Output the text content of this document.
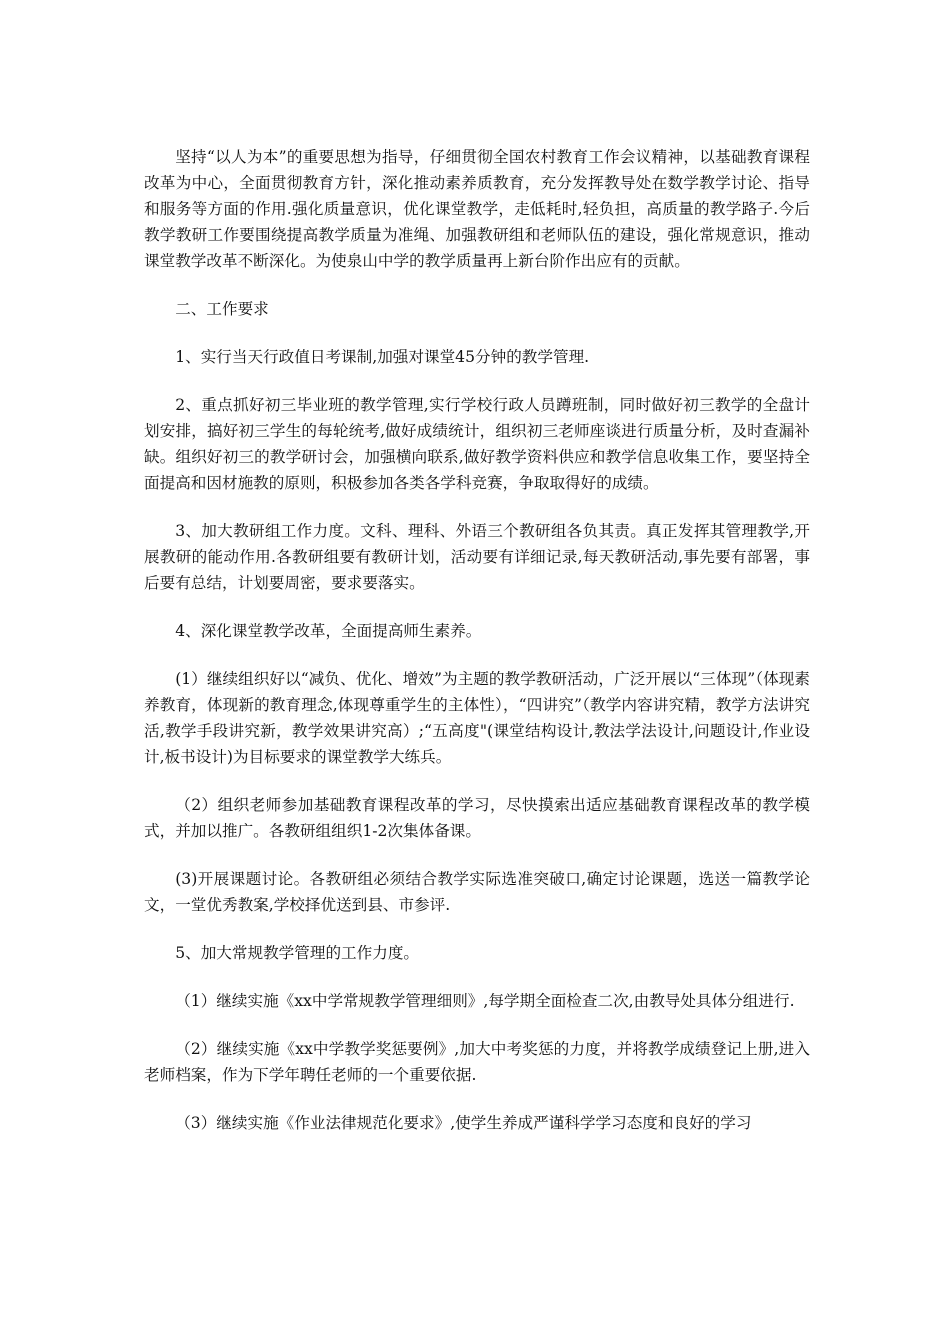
坚持“以人为本”的重要思想为指导，仔细贯彻全国农村教育工作会议精神，以基础教育课程改革为中心，全面贯彻教育方针，深化推动素养质教育，充分发挥教导处在数学教学讨论、指导和服务等方面的作用.强化质量意识，优化课堂教学，走低耗时,轻负担，高质量的教学路子.今后教学教研工作要围绕提高教学质量为准绳、加强教研组和老师队伍的建设，强化常规意识，推动课堂教学改革不断深化。为使泉山中学的教学质量再上新台阶作出应有的贡献。

二、工作要求

1、实行当天行政值日考课制,加强对课堂45分钟的教学管理.

2、重点抓好初三毕业班的教学管理,实行学校行政人员蹲班制，同时做好初三教学的全盘计划安排，搞好初三学生的每轮统考,做好成绩统计，组织初三老师座谈进行质量分析，及时查漏补缺。组织好初三的教学研讨会，加强横向联系,做好教学资料供应和教学信息收集工作，要坚持全面提高和因材施教的原则，积极参加各类各学科竞赛，争取取得好的成绩。

3、加大教研组工作力度。文科、理科、外语三个教研组各负其责。真正发挥其管理教学,开展教研的能动作用.各教研组要有教研计划，活动要有详细记录,每天教研活动,事先要有部署，事后要有总结，计划要周密，要求要落实。

4、深化课堂教学改革，全面提高师生素养。

(1）继续组织好以“减负、优化、增效”为主题的教学教研活动，广泛开展以“三体现”（体现素养教育，体现新的教育理念,体现尊重学生的主体性），“四讲究”（教学内容讲究精，教学方法讲究活,教学手段讲究新，教学效果讲究高）;“五高度"(课堂结构设计,教法学法设计,问题设计,作业设计,板书设计)为目标要求的课堂教学大练兵。

（2）组织老师参加基础教育课程改革的学习，尽快摸索出适应基础教育课程改革的教学模式，并加以推广。各教研组组织1-2次集体备课。

(3)开展课题讨论。各教研组必须结合教学实际选准突破口,确定讨论课题，选送一篇教学论文，一堂优秀教案,学校择优送到县、市参评.

5、加大常规教学管理的工作力度。

（1）继续实施《xx中学常规教学管理细则》,每学期全面检查二次,由教导处具体分组进行.

（2）继续实施《xx中学教学奖惩要例》,加大中考奖惩的力度，并将教学成绩登记上册,进入老师档案，作为下学年聘任老师的一个重要依据.

（3）继续实施《作业法律规范化要求》,使学生养成严谨科学学习态度和良好的学习
